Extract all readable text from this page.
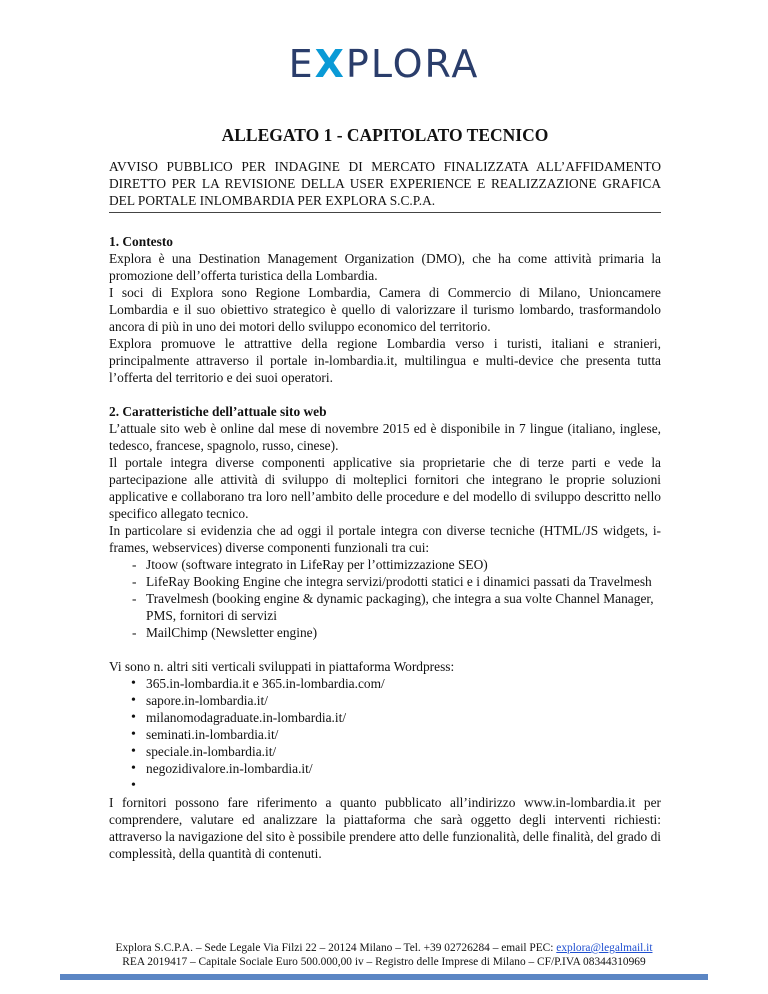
EXPLORA
ALLEGATO 1 - CAPITOLATO TECNICO

AVVISO PUBBLICO PER INDAGINE DI MERCATO FINALIZZATA ALL’AFFIDAMENTO DIRETTO PER LA REVISIONE DELLA USER EXPERIENCE E REALIZZAZIONE GRAFICA DEL PORTALE INLOMBARDIA PER EXPLORA S.C.P.A.

1. Contesto

Explora è una Destination Management Organization (DMO), che ha come attività primaria la promozione dell’offerta turistica della Lombardia.

I soci di Explora sono Regione Lombardia, Camera di Commercio di Milano, Unioncamere Lombardia e il suo obiettivo strategico è quello di valorizzare il turismo lombardo, trasformandolo ancora di più in uno dei motori dello sviluppo economico del territorio.

Explora promuove le attrattive della regione Lombardia verso i turisti, italiani e stranieri, principalmente attraverso il portale in-lombardia.it, multilingua e multi-device che presenta tutta l’offerta del territorio e dei suoi operatori.

2. Caratteristiche dell’attuale sito web

L’attuale sito web è online dal mese di novembre 2015 ed è disponibile in 7 lingue (italiano, inglese, tedesco, francese, spagnolo, russo, cinese).

Il portale integra diverse componenti applicative sia proprietarie che di terze parti e vede la partecipazione alle attività di sviluppo di molteplici fornitori che integrano le proprie soluzioni applicative e collaborano tra loro nell’ambito delle procedure e del modello di sviluppo descritto nello specifico allegato tecnico.

In particolare si evidenzia che ad oggi il portale integra con diverse tecniche (HTML/JS widgets, i-frames, webservices) diverse componenti funzionali tra cui:

- Jtoow (software integrato in LifeRay per l’ottimizzazione SEO)
- LifeRay Booking Engine che integra servizi/prodotti statici e i dinamici passati da Travelmesh
- Travelmesh (booking engine & dynamic packaging), che integra a sua volte Channel Manager, PMS, fornitori di servizi
- MailChimp (Newsletter engine)

Vi sono n. altri siti verticali sviluppati in piattaforma Wordpress:

• 365.in-lombardia.it e 365.in-lombardia.com/
• sapore.in-lombardia.it/
• milanomodagraduate.in-lombardia.it/
• seminati.in-lombardia.it/
• speciale.in-lombardia.it/
• negozidivalore.in-lombardia.it/
•

I fornitori possono fare riferimento a quanto pubblicato all’indirizzo www.in-lombardia.it per comprendere, valutare ed analizzare la piattaforma che sarà oggetto degli interventi richiesti: attraverso la navigazione del sito è possibile prendere atto delle funzionalità, delle finalità, del grado di complessità, della quantità di contenuti.

Explora S.C.P.A. – Sede Legale Via Filzi 22 – 20124 Milano – Tel. +39 02726284 – email PEC: explora@legalmail.it
REA 2019417 – Capitale Sociale Euro 500.000,00 iv – Registro delle Imprese di Milano – CF/P.IVA 08344310969
